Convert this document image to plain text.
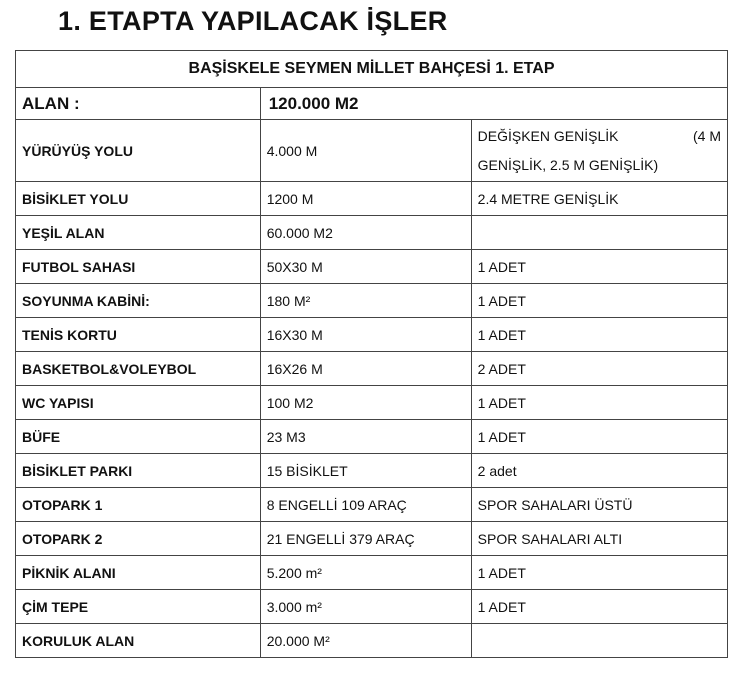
1. ETAPTA YAPILACAK İŞLER
BAŞİSKELE SEYMEN MİLLET BAHÇESİ 1. ETAP		
ALAN :	120.000 M2	
YÜRÜYÜŞ YOLU	4.000 M	DEĞİŞKEN GENİŞLİK (4 M
GENİŞLİK, 2.5 M GENİŞLİK)

BİSİKLET YOLU	1200 M	2.4 METRE GENİŞLİK
YEŞİL ALAN	60.000 M2	
FUTBOL SAHASI	50X30 M	1 ADET
SOYUNMA KABİNİ:	180 M²	1 ADET
TENİS KORTU	16X30 M	1 ADET
BASKETBOL&VOLEYBOL	16X26 M	2 ADET
WC YAPISI	100 M2	1 ADET
BÜFE	23 M3	1 ADET
BİSİKLET PARKI	15 BİSİKLET	2 adet
OTOPARK 1	8 ENGELLİ 109 ARAÇ	SPOR SAHALARI ÜSTÜ
OTOPARK 2	21 ENGELLİ 379 ARAÇ	SPOR SAHALARI ALTI
PİKNİK ALANI	5.200 m²	1 ADET
ÇİM TEPE	3.000 m²	1 ADET
KORULUK ALAN	20.000 M²	
